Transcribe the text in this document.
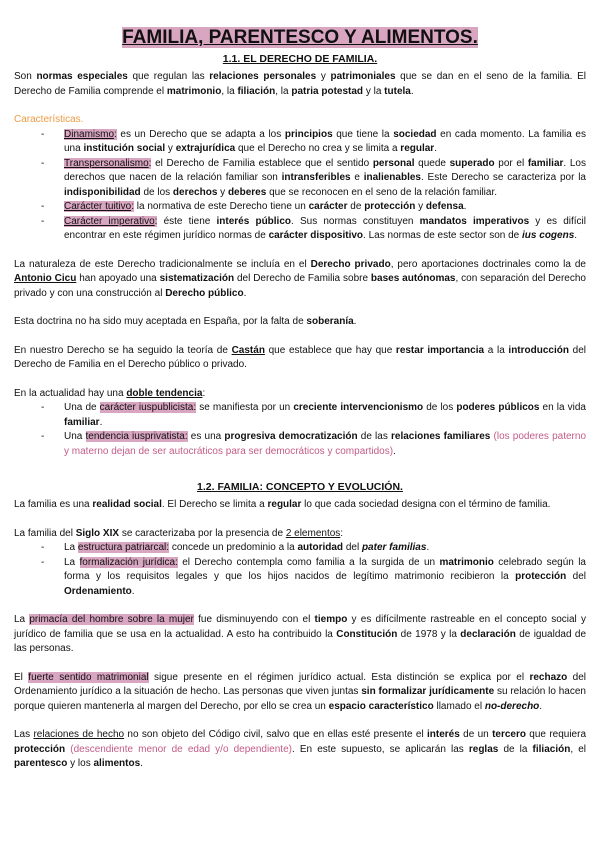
FAMILIA, PARENTESCO Y ALIMENTOS.
1.1. EL DERECHO DE FAMILIA.

Son normas especiales que regulan las relaciones personales y patrimoniales que se dan en el seno de la familia. El Derecho de Familia comprende el matrimonio, la filiación, la patria potestad y la tutela.

Características.

- Dinamismo: es un Derecho que se adapta a los principios que tiene la sociedad en cada momento. La familia es una institución social y extrajurídica que el Derecho no crea y se limita a regular.
- Transpersonalismo: el Derecho de Familia establece que el sentido personal quede superado por el familiar. Los derechos que nacen de la relación familiar son intransferibles e inalienables. Este Derecho se caracteriza por la indisponibilidad de los derechos y deberes que se reconocen en el seno de la relación familiar.
- Carácter tuitivo: la normativa de este Derecho tiene un carácter de protección y defensa.
- Carácter imperativo: éste tiene interés público. Sus normas constituyen mandatos imperativos y es difícil encontrar en este régimen jurídico normas de carácter dispositivo. Las normas de este sector son de ius cogens.

La naturaleza de este Derecho tradicionalmente se incluía en el Derecho privado, pero aportaciones doctrinales como la de Antonio Cicu han apoyado una sistematización del Derecho de Familia sobre bases autónomas, con separación del Derecho privado y con una construcción al Derecho público.

Esta doctrina no ha sido muy aceptada en España, por la falta de soberanía.

En nuestro Derecho se ha seguido la teoría de Castán que establece que hay que restar importancia a la introducción del Derecho de Familia en el Derecho público o privado.

En la actualidad hay una doble tendencia:

- Una de carácter iuspublicista: se manifiesta por un creciente intervencionismo de los poderes públicos en la vida familiar.
- Una tendencia iusprivatista: es una progresiva democratización de las relaciones familiares (los poderes paterno y materno dejan de ser autocráticos para ser democráticos y compartidos).
1.2. FAMILIA: CONCEPTO Y EVOLUCIÓN.

La familia es una realidad social. El Derecho se limita a regular lo que cada sociedad designa con el término de familia.

La familia del Siglo XIX se caracterizaba por la presencia de 2 elementos:

- La estructura patriarcal: concede un predominio a la autoridad del pater familias.
- La formalización jurídica: el Derecho contempla como familia a la surgida de un matrimonio celebrado según la forma y los requisitos legales y que los hijos nacidos de legítimo matrimonio recibieron la protección del Ordenamiento.

La primacía del hombre sobre la mujer fue disminuyendo con el tiempo y es difícilmente rastreable en el concepto social y jurídico de familia que se usa en la actualidad. A esto ha contribuido la Constitución de 1978 y la declaración de igualdad de las personas.

El fuerte sentido matrimonial sigue presente en el régimen jurídico actual. Esta distinción se explica por el rechazo del Ordenamiento jurídico a la situación de hecho. Las personas que viven juntas sin formalizar jurídicamente su relación lo hacen porque quieren mantenerla al margen del Derecho, por ello se crea un espacio característico llamado el no-derecho.

Las relaciones de hecho no son objeto del Código civil, salvo que en ellas esté presente el interés de un tercero que requiera protección (descendiente menor de edad y/o dependiente). En este supuesto, se aplicarán las reglas de la filiación, el parentesco y los alimentos.
